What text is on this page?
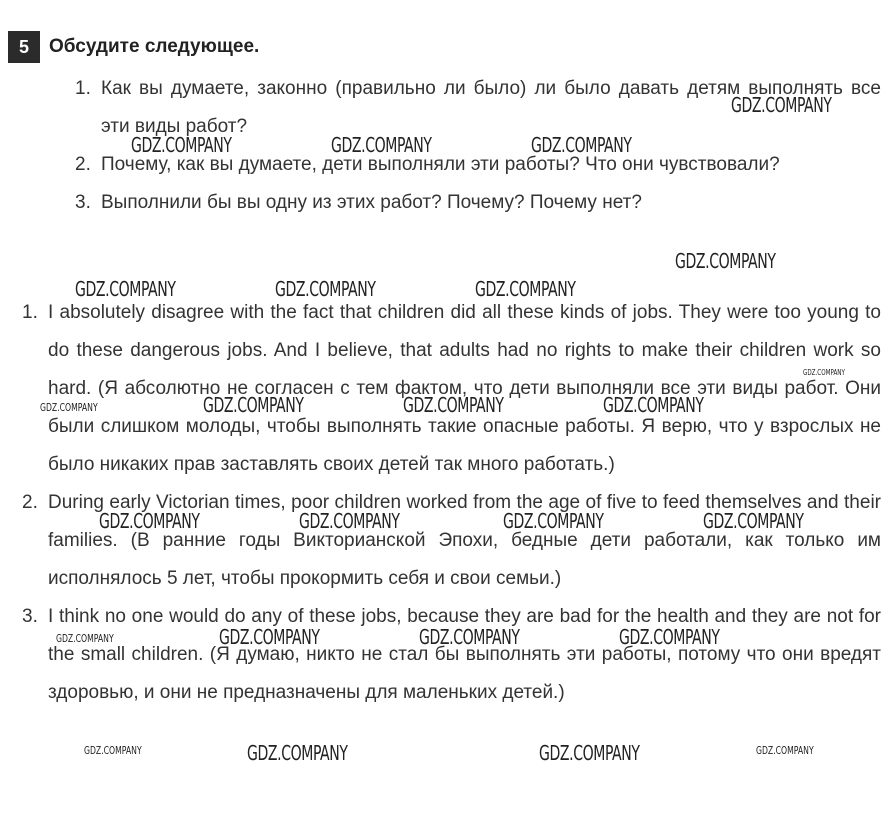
5	Обсудите следующее.
1. Как вы думаете, законно (правильно ли было) ли было давать детям выполнять все эти виды работ?
2. Почему, как вы думаете, дети выполняли эти работы? Что они чувствовали?
3. Выполнили бы вы одну из этих работ? Почему? Почему нет?
1. I absolutely disagree with the fact that children did all these kinds of jobs. They were too young to do these dangerous jobs. And I believe, that adults had no rights to make their children work so hard. (Я абсолютно не согласен с тем фактом, что дети выполняли все эти виды работ. Они были слишком молоды, чтобы выполнять такие опасные работы. Я верю, что у взрослых не было никаких прав заставлять своих детей так много работать.)
2. During early Victorian times, poor children worked from the age of five to feed themselves and their families. (В ранние годы Викторианской Эпохи, бедные дети работали, как только им исполнялось 5 лет, чтобы прокормить себя и свои семьи.)
3. I think no one would do any of these jobs, because they are bad for the health and they are not for the small children. (Я думаю, никто не стал бы выполнять эти работы, потому что они вредят здоровью, и они не предназначены для маленьких детей.)
GDZ.COMPANY
GDZ.COMPANY	GDZ.COMPANY	GDZ.COMPANY
GDZ.COMPANY
GDZ.COMPANY	GDZ.COMPANY	GDZ.COMPANY
GDZ.COMPANY
GDZ.COMPANY	GDZ.COMPANY	GDZ.COMPANY	GDZ.COMPANY
GDZ.COMPANY	GDZ.COMPANY	GDZ.COMPANY	GDZ.COMPANY
GDZ.COMPANY	GDZ.COMPANY	GDZ.COMPANY	GDZ.COMPANY
GDZ.COMPANY	GDZ.COMPANY	GDZ.COMPANY	GDZ.COMPANY
